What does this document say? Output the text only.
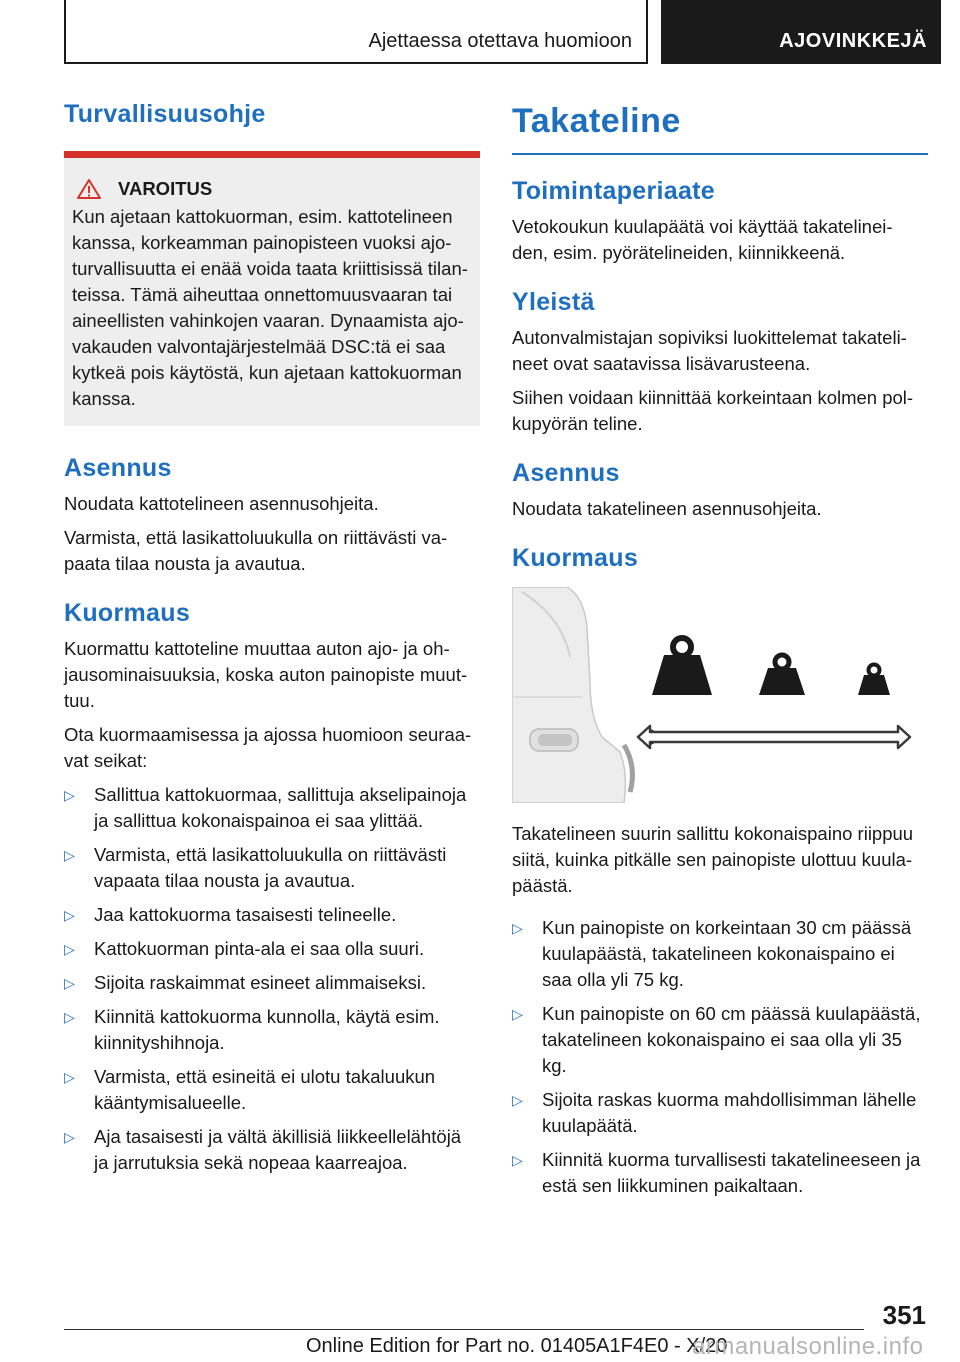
Ajettaessa otettava huomioon	AJOVINKKEJÄ
Turvallisuusohje
VAROITUS

Kun ajetaan kattokuorman, esim. kattotelineen kanssa, korkeamman painopisteen vuoksi ajo-turvallisuutta ei enää voida taata kriittisissä tilan-teissa. Tämä aiheuttaa onnettomuusvaaran tai aineellisten vahinkojen vaaran. Dynaamista ajo-vakauden valvontajärjestelmää DSC:tä ei saa kytkeä pois käytöstä, kun ajetaan kattokuorman kanssa.

Asennus

Noudata kattotelineen asennusohjeita.

Varmista, että lasikattoluukulla on riittävästi va-paata tilaa nousta ja avautua.

Kuormaus

Kuormattu kattoteline muuttaa auton ajo- ja oh-jausominaisuuksia, koska auton painopiste muut-tuu.

Ota kuormaamisessa ja ajossa huomioon seuraa-vat seikat:

▷	Sallittua kattokuormaa, sallittuja akselipainoja ja sallittua kokonaispainoa ei saa ylittää.
▷	Varmista, että lasikattoluukulla on riittävästi vapaata tilaa nousta ja avautua.
▷	Jaa kattokuorma tasaisesti telineelle.
▷	Kattokuorman pinta-ala ei saa olla suuri.
▷	Sijoita raskaimmat esineet alimmaiseksi.
▷	Kiinnitä kattokuorma kunnolla, käytä esim. kiinnityshihnoja.
▷	Varmista, että esineitä ei ulotu takaluukun kääntymisalueelle.
▷	Aja tasaisesti ja vältä äkillisiä liikkeellelähtöjä ja jarrutuksia sekä nopeaa kaarreajoa.
Takateline
Toimintaperiaate

Vetokoukun kuulapäätä voi käyttää takatelinei-den, esim. pyörätelineiden, kiinnikkeenä.

Yleistä

Autonvalmistajan sopiviksi luokittelemat takateli-neet ovat saatavissa lisävarusteena.

Siihen voidaan kiinnittää korkeintaan kolmen pol-kupyörän teline.

Asennus

Noudata takatelineen asennusohjeita.

Kuormaus

Takatelineen suurin sallittu kokonaispaino riippuu siitä, kuinka pitkälle sen painopiste ulottuu kuula-päästä.

▷	Kun painopiste on korkeintaan 30 cm päässä kuulapäästä, takatelineen kokonaispaino ei saa olla yli 75 kg.
▷	Kun painopiste on 60 cm päässä kuulapäästä, takatelineen kokonaispaino ei saa olla yli 35 kg.
▷	Sijoita raskas kuorma mahdollisimman lähelle kuulapäätä.
▷	Kiinnitä kuorma turvallisesti takatelineeseen ja estä sen liikkuminen paikaltaan.
351
Online Edition for Part no. 01405A1F4E0 - X/20
armanualsonline.info
